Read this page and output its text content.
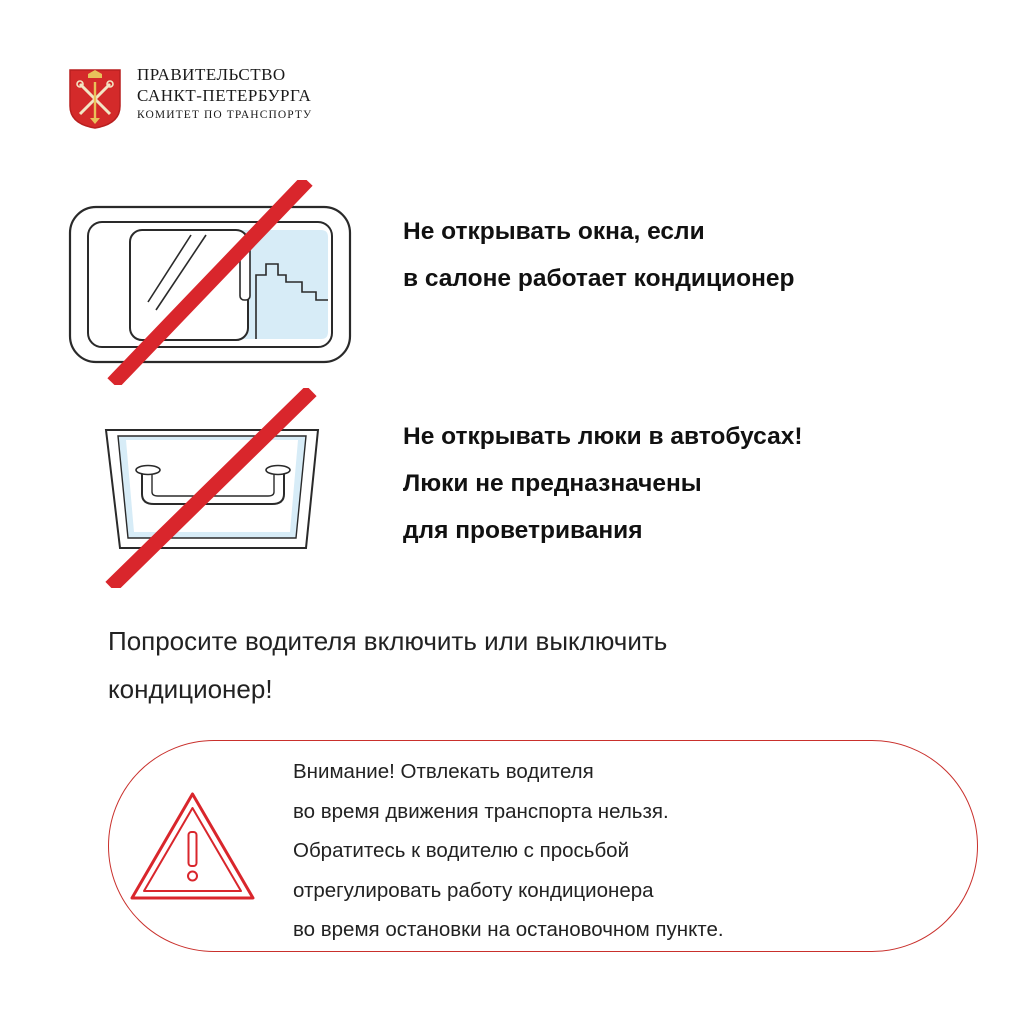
ПРАВИТЕЛЬСТВО
САНКТ-ПЕТЕРБУРГА
КОМИТЕТ ПО ТРАНСПОРТУ
Не открывать окна, если
в салоне работает кондиционер
Не открывать люки в автобусах!
Люки не предназначены
для проветривания
Попросите водителя включить или выключить
кондиционер!
Внимание! Отвлекать водителя
во время движения транспорта нельзя.
Обратитесь к водителю с просьбой
отрегулировать работу кондиционера
во время остановки на остановочном пункте.
